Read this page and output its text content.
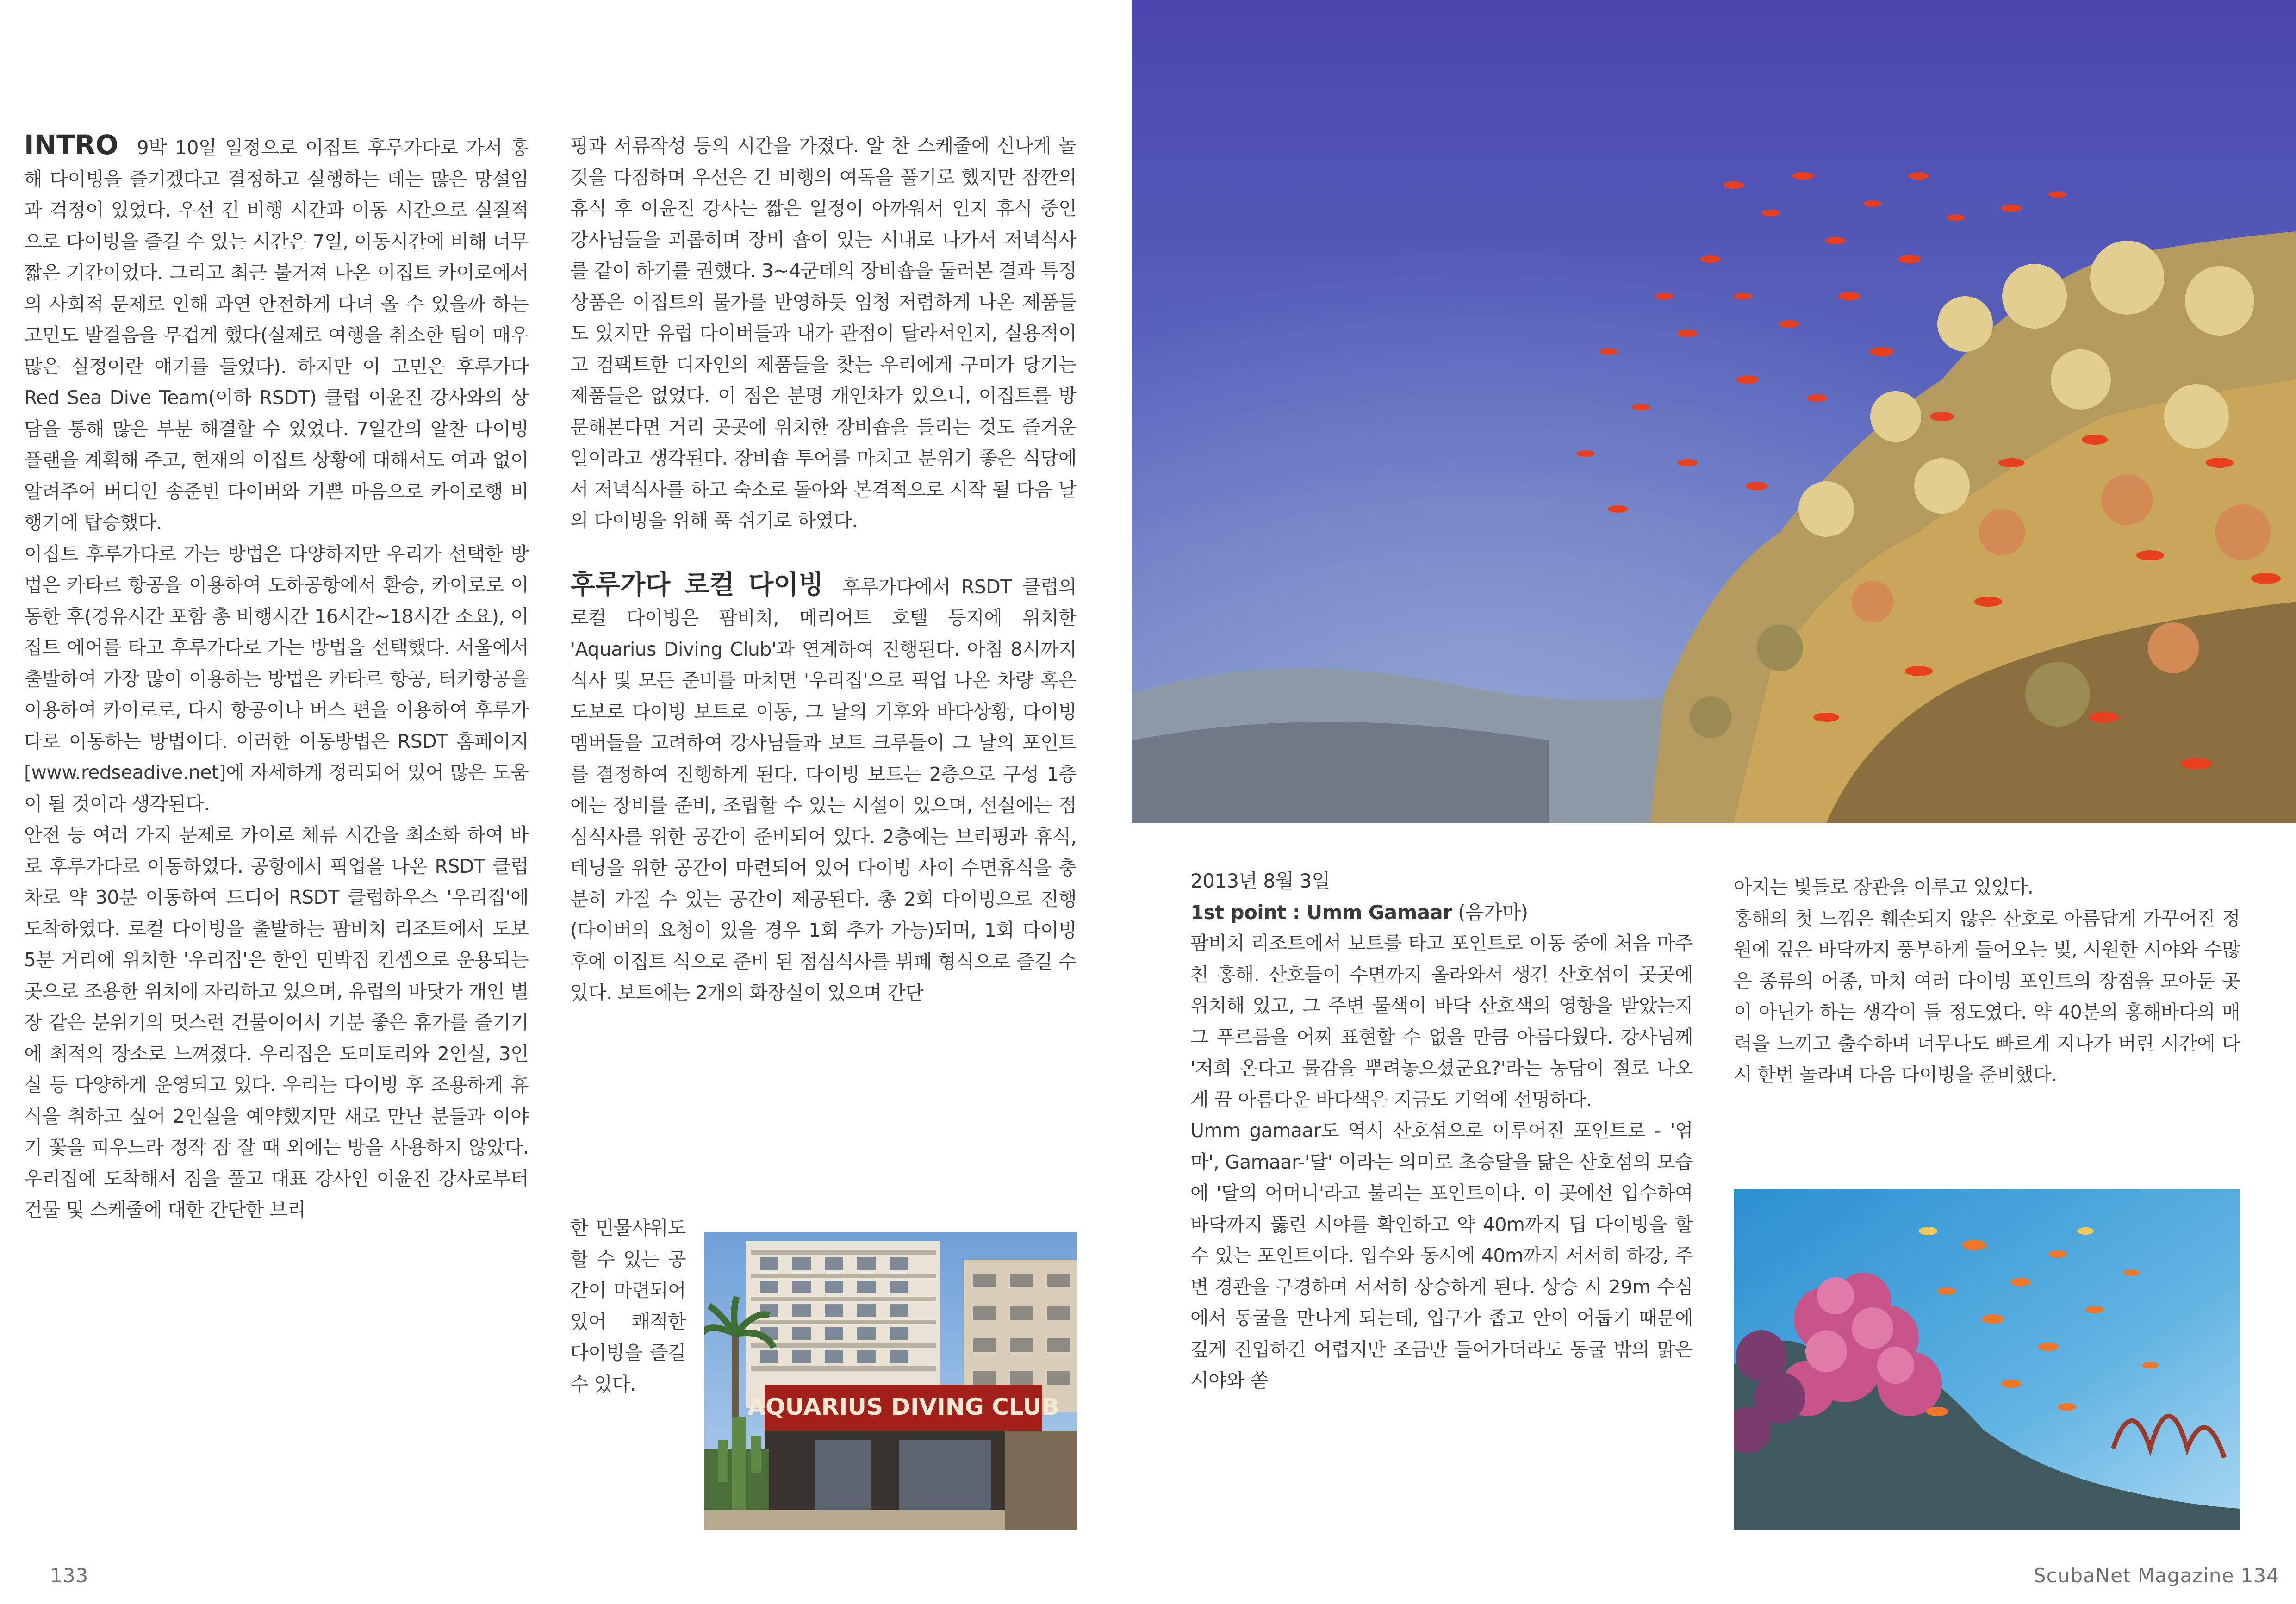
INTRO 9박 10일 일정으로 이집트 후루가다로 가서 홍해 다이빙을 즐기겠다고 결정하고 실행하는 데는 많은 망설임과 걱정이 있었다. 우선 긴 비행 시간과 이동 시간으로 실질적으로 다이빙을 즐길 수 있는 시간은 7일, 이동시간에 비해 너무 짧은 기간이었다. 그리고 최근 불거져 나온 이집트 카이로에서의 사회적 문제로 인해 과연 안전하게 다녀 올 수 있을까 하는 고민도 발걸음을 무겁게 했다(실제로 여행을 취소한 팀이 매우 많은 실정이란 얘기를 들었다). 하지만 이 고민은 후루가다 Red Sea Dive Team(이하 RSDT) 클럽 이윤진 강사와의 상담을 통해 많은 부분 해결할 수 있었다. 7일간의 알찬 다이빙 플랜을 계획해 주고, 현재의 이집트 상황에 대해서도 여과 없이 알려주어 버디인 송준빈 다이버와 기쁜 마음으로 카이로행 비행기에 탑승했다.

이집트 후루가다로 가는 방법은 다양하지만 우리가 선택한 방법은 카타르 항공을 이용하여 도하공항에서 환승, 카이로로 이동한 후(경유시간 포함 총 비행시간 16시간~18시간 소요), 이집트 에어를 타고 후루가다로 가는 방법을 선택했다. 서울에서 출발하여 가장 많이 이용하는 방법은 카타르 항공, 터키항공을 이용하여 카이로로, 다시 항공이나 버스 편을 이용하여 후루가다로 이동하는 방법이다. 이러한 이동방법은 RSDT 홈페이지[www.redseadive.net]에 자세하게 정리되어 있어 많은 도움이 될 것이라 생각된다.

안전 등 여러 가지 문제로 카이로 체류 시간을 최소화 하여 바로 후루가다로 이동하였다. 공항에서 픽업을 나온 RSDT 클럽 차로 약 30분 이동하여 드디어 RSDT 클럽하우스 '우리집'에 도착하였다. 로컬 다이빙을 출발하는 팜비치 리조트에서 도보 5분 거리에 위치한 '우리집'은 한인 민박집 컨셉으로 운용되는 곳으로 조용한 위치에 자리하고 있으며, 유럽의 바닷가 개인 별장 같은 분위기의 멋스런 건물이어서 기분 좋은 휴가를 즐기기에 최적의 장소로 느껴졌다. 우리집은 도미토리와 2인실, 3인실 등 다양하게 운영되고 있다. 우리는 다이빙 후 조용하게 휴식을 취하고 싶어 2인실을 예약했지만 새로 만난 분들과 이야기 꽃을 피우느라 정작 잠 잘 때 외에는 방을 사용하지 않았다. 우리집에 도착해서 짐을 풀고 대표 강사인 이윤진 강사로부터 건물 및 스케줄에 대한 간단한 브리

핑과 서류작성 등의 시간을 가졌다. 알 찬 스케줄에 신나게 놀 것을 다짐하며 우선은 긴 비행의 여독을 풀기로 했지만 잠깐의 휴식 후 이윤진 강사는 짧은 일정이 아까워서 인지 휴식 중인 강사님들을 괴롭히며 장비 숍이 있는 시내로 나가서 저녁식사를 같이 하기를 권했다. 3~4군데의 장비숍을 둘러본 결과 특정 상품은 이집트의 물가를 반영하듯 엄청 저렴하게 나온 제품들도 있지만 유럽 다이버들과 내가 관점이 달라서인지, 실용적이고 컴팩트한 디자인의 제품들을 찾는 우리에게 구미가 당기는 제품들은 없었다. 이 점은 분명 개인차가 있으니, 이집트를 방문해본다면 거리 곳곳에 위치한 장비숍을 들리는 것도 즐거운 일이라고 생각된다. 장비숍 투어를 마치고 분위기 좋은 식당에서 저녁식사를 하고 숙소로 돌아와 본격적으로 시작 될 다음 날의 다이빙을 위해 푹 쉬기로 하였다.

후루가다 로컬 다이빙 후루가다에서 RSDT 클럽의 로컬 다이빙은 팜비치, 메리어트 호텔 등지에 위치한 'Aquarius Diving Club'과 연계하여 진행된다. 아침 8시까지 식사 및 모든 준비를 마치면 '우리집'으로 픽업 나온 차량 혹은 도보로 다이빙 보트로 이동, 그 날의 기후와 바다상황, 다이빙 멤버들을 고려하여 강사님들과 보트 크루들이 그 날의 포인트를 결정하여 진행하게 된다. 다이빙 보트는 2층으로 구성 1층에는 장비를 준비, 조립할 수 있는 시설이 있으며, 선실에는 점심식사를 위한 공간이 준비되어 있다. 2층에는 브리핑과 휴식, 테닝을 위한 공간이 마련되어 있어 다이빙 사이 수면휴식을 충분히 가질 수 있는 공간이 제공된다. 총 2회 다이빙으로 진행(다이버의 요청이 있을 경우 1회 추가 가능)되며, 1회 다이빙 후에 이집트 식으로 준비 된 점심식사를 뷔페 형식으로 즐길 수 있다. 보트에는 2개의 화장실이 있으며 간단

한 민물샤워도 할 수 있는 공간이 마련되어 있어 쾌적한 다이빙을 즐길 수 있다.

AQUARIUS DIVING CLUB
133

2013년 8월 3일

1st point : Umm Gamaar (음가마)

팜비치 리조트에서 보트를 타고 포인트로 이동 중에 처음 마주친 홍해. 산호들이 수면까지 올라와서 생긴 산호섬이 곳곳에 위치해 있고, 그 주변 물색이 바닥 산호색의 영향을 받았는지 그 푸르름을 어찌 표현할 수 없을 만큼 아름다웠다. 강사님께 '저희 온다고 물감을 뿌려놓으셨군요?'라는 농담이 절로 나오게 끔 아름다운 바다색은 지금도 기억에 선명하다.

Umm gamaar도 역시 산호섬으로 이루어진 포인트로 - '엄마', Gamaar-'달' 이라는 의미로 초승달을 닮은 산호섬의 모습에 '달의 어머니'라고 불리는 포인트이다. 이 곳에선 입수하여 바닥까지 뚫린 시야를 확인하고 약 40m까지 딥 다이빙을 할 수 있는 포인트이다. 입수와 동시에 40m까지 서서히 하강, 주변 경관을 구경하며 서서히 상승하게 된다. 상승 시 29m 수심에서 동굴을 만나게 되는데, 입구가 좁고 안이 어둡기 때문에 깊게 진입하긴 어렵지만 조금만 들어가더라도 동굴 밖의 맑은 시야와 쏟

아지는 빛들로 장관을 이루고 있었다.

홍해의 첫 느낌은 훼손되지 않은 산호로 아름답게 가꾸어진 정원에 깊은 바닥까지 풍부하게 들어오는 빛, 시원한 시야와 수많은 종류의 어종, 마치 여러 다이빙 포인트의 장점을 모아둔 곳이 아닌가 하는 생각이 들 정도였다. 약 40분의 홍해바다의 매력을 느끼고 출수하며 너무나도 빠르게 지나가 버린 시간에 다시 한번 놀라며 다음 다이빙을 준비했다.

ScubaNet Magazine 134
